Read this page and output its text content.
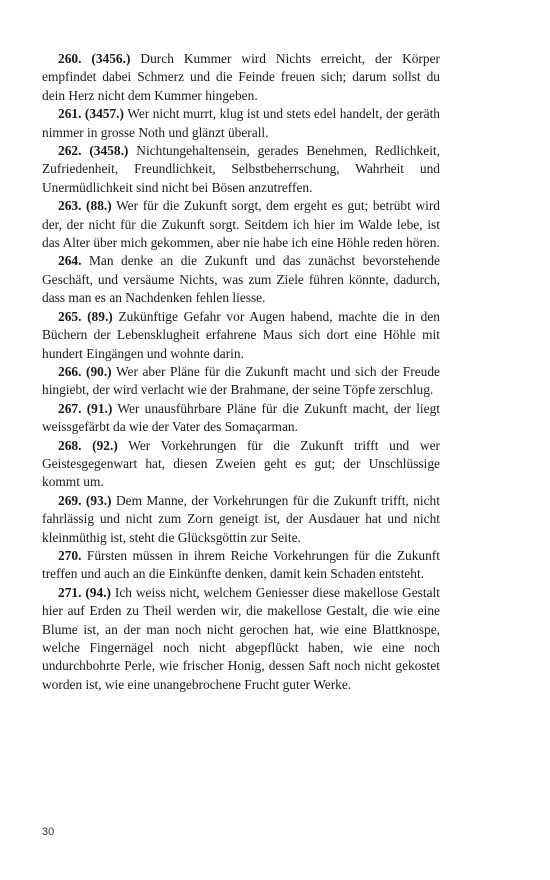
260. (3456.) Durch Kummer wird Nichts erreicht, der Körper empfindet dabei Schmerz und die Feinde freuen sich; darum sollst du dein Herz nicht dem Kummer hingeben.

261. (3457.) Wer nicht murrt, klug ist und stets edel handelt, der geräth nimmer in grosse Noth und glänzt überall.

262. (3458.) Nichtungehaltensein, gerades Benehmen, Redlichkeit, Zufriedenheit, Freundlichkeit, Selbstbeherrschung, Wahrheit und Unermüdlichkeit sind nicht bei Bösen anzutreffen.

263. (88.) Wer für die Zukunft sorgt, dem ergeht es gut; betrübt wird der, der nicht für die Zukunft sorgt. Seitdem ich hier im Walde lebe, ist das Alter über mich gekommen, aber nie habe ich eine Höhle reden hören.

264. Man denke an die Zukunft und das zunächst bevorstehende Geschäft, und versäume Nichts, was zum Ziele führen könnte, dadurch, dass man es an Nachdenken fehlen liesse.

265. (89.) Zukünftige Gefahr vor Augen habend, machte die in den Büchern der Lebensklugheit erfahrene Maus sich dort eine Höhle mit hundert Eingängen und wohnte darin.

266. (90.) Wer aber Pläne für die Zukunft macht und sich der Freude hingiebt, der wird verlacht wie der Brahmane, der seine Töpfe zerschlug.

267. (91.) Wer unausführbare Pläne für die Zukunft macht, der liegt weissgefärbt da wie der Vater des Somaçarman.

268. (92.) Wer Vorkehrungen für die Zukunft trifft und wer Geistesgegenwart hat, diesen Zweien geht es gut; der Unschlüssige kommt um.

269. (93.) Dem Manne, der Vorkehrungen für die Zukunft trifft, nicht fahrlässig und nicht zum Zorn geneigt ist, der Ausdauer hat und nicht kleinmüthig ist, steht die Glücksgöttin zur Seite.

270. Fürsten müssen in ihrem Reiche Vorkehrungen für die Zukunft treffen und auch an die Einkünfte denken, damit kein Schaden entsteht.

271. (94.) Ich weiss nicht, welchem Geniesser diese makellose Gestalt hier auf Erden zu Theil werden wir, die makellose Gestalt, die wie eine Blume ist, an der man noch nicht gerochen hat, wie eine Blattknospe, welche Fingernägel noch nicht abgepflückt haben, wie eine noch undurchbohrte Perle, wie frischer Honig, dessen Saft noch nicht gekostet worden ist, wie eine unangebrochene Frucht guter Werke.

30
